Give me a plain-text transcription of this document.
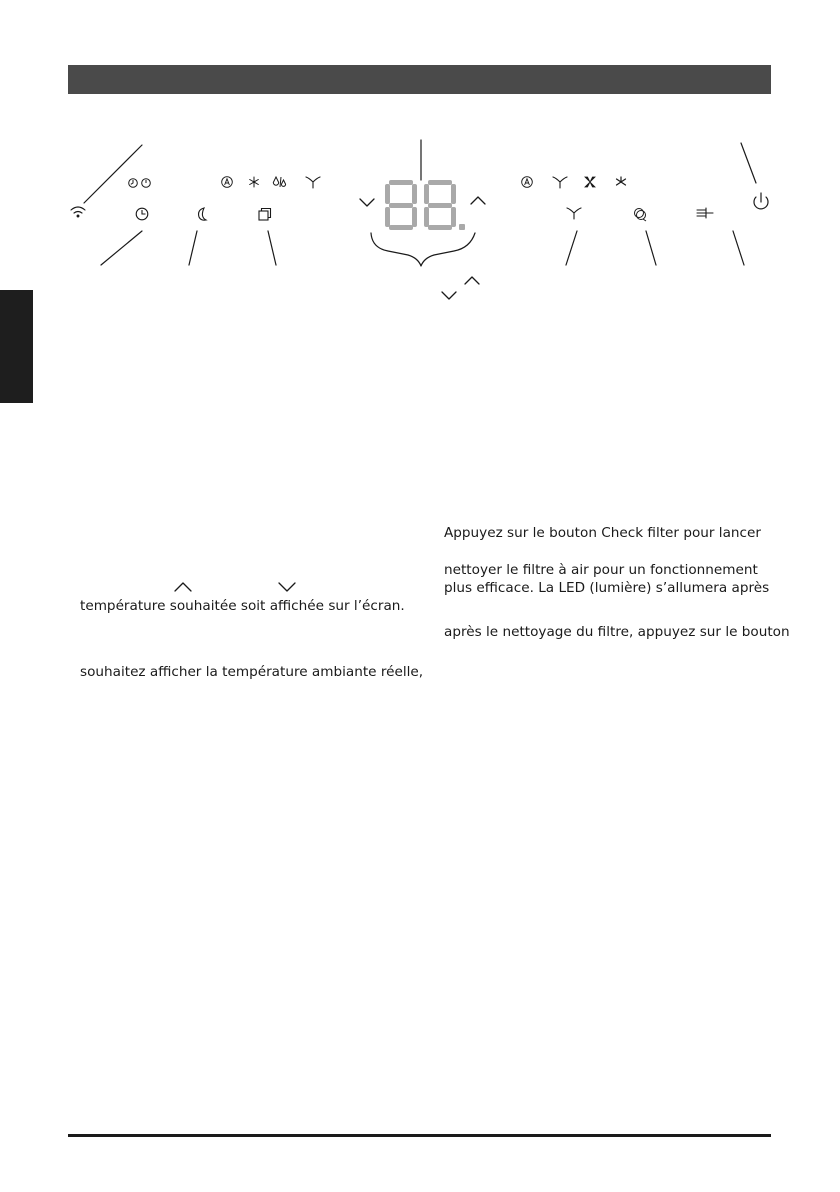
température souhaitée soit affichée sur l’écran.
souhaitez afficher la température ambiante réelle,
Appuyez sur le bouton Check filter pour lancer
nettoyer le filtre à air pour un fonctionnement
plus efficace. La LED (lumière) s’allumera après
après le nettoyage du filtre, appuyez sur le bouton
